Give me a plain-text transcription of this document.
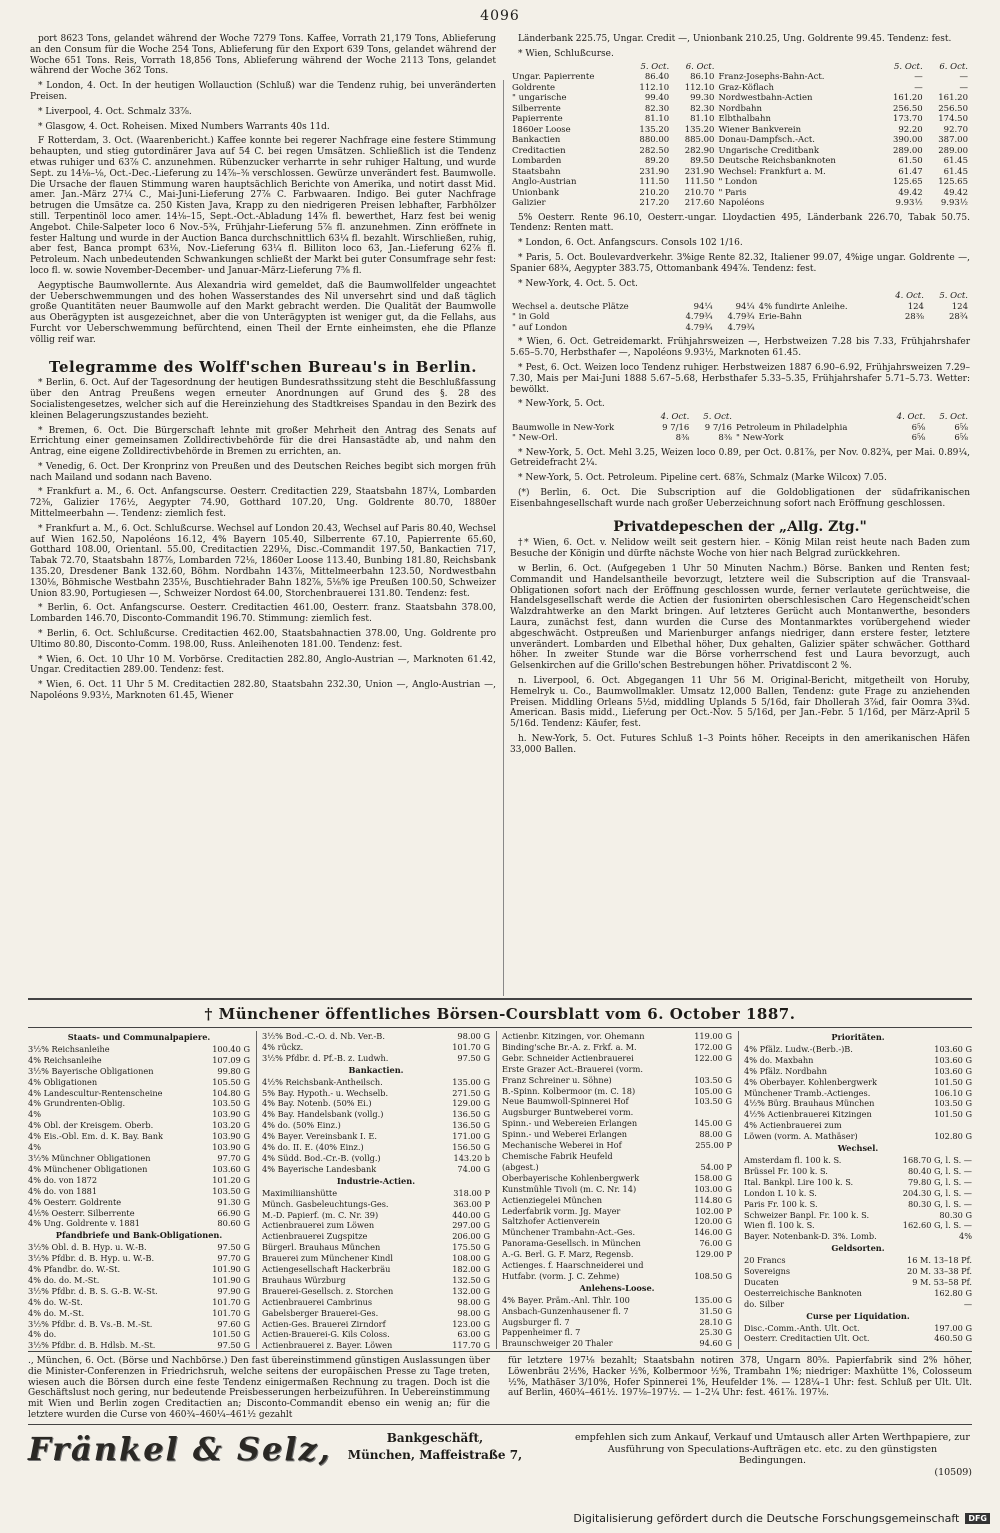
4096

port 8623 Tons, gelandet während der Woche 7279 Tons. Kaffee, Vorrath 21,179 Tons, Ablieferung an den Consum für die Woche 254 Tons, Ablieferung für den Export 639 Tons, gelandet während der Woche 651 Tons. Reis, Vorrath 18,856 Tons, Ablieferung während der Woche 2113 Tons, gelandet während der Woche 362 Tons.

* London, 4. Oct. In der heutigen Wollauction (Schluß) war die Tendenz ruhig, bei unveränderten Preisen.

* Liverpool, 4. Oct. Schmalz 33⅞.

* Glasgow, 4. Oct. Roheisen. Mixed Numbers Warrants 40s 11d.

F Rotterdam, 3. Oct. (Waarenbericht.) Kaffee konnte bei regerer Nachfrage eine festere Stimmung behaupten, und stieg gutordinärer Java auf 54 C. bei regen Umsätzen. Schließlich ist die Tendenz etwas ruhiger und 63⅞ C. anzunehmen. Rübenzucker verharrte in sehr ruhiger Haltung, und wurde Sept. zu 14⅛–⅛, Oct.-Dec.-Lieferung zu 14⅞–⅜ verschlossen. Gewürze unverändert fest. Baumwolle. Die Ursache der flauen Stimmung waren hauptsächlich Berichte von Amerika, und notirt dasst Mid. amer. Jan.-März 27¼ C., Mai-Juni-Lieferung 27⅞ C. Farbwaaren. Indigo. Bei guter Nachfrage betrugen die Umsätze ca. 250 Kisten Java, Krapp zu den niedrigeren Preisen lebhafter, Farbhölzer still. Terpentinöl loco amer. 14⅛–15, Sept.-Oct.-Abladung 14⅞ fl. bewerthet, Harz fest bei wenig Angebot. Chile-Salpeter loco 6 Nov.-5¾, Frühjahr-Lieferung 5⅞ fl. anzunehmen. Zinn eröffnete in fester Haltung und wurde in der Auction Banca durchschnittlich 63¼ fl. bezahlt. Wirschließen, ruhig, aber fest, Banca prompt 63⅛, Nov.-Lieferung 63¼ fl. Billiton loco 63, Jan.-Lieferung 62⅞ fl. Petroleum. Nach unbedeutenden Schwankungen schließt der Markt bei guter Consumfrage sehr fest: loco fl. w. sowie November-December- und Januar-März-Lieferung 7⅝ fl.

Aegyptische Baumwollernte. Aus Alexandria wird gemeldet, daß die Baumwollfelder ungeachtet der Ueberschwemmungen und des hohen Wasserstandes des Nil unversehrt sind und daß täglich große Quantitäten neuer Baumwolle auf den Markt gebracht werden. Die Qualität der Baumwolle aus Oberägypten ist ausgezeichnet, aber die von Unterägypten ist weniger gut, da die Fellahs, aus Furcht vor Ueberschwemmung befürchtend, einen Theil der Ernte einheimsten, ehe die Pflanze völlig reif war.

Telegramme des Wolff'schen Bureau's in Berlin.

* Berlin, 6. Oct. Auf der Tagesordnung der heutigen Bundesrathssitzung steht die Beschlußfassung über den Antrag Preußens wegen erneuter Anordnungen auf Grund des §. 28 des Socialistengesetzes, welcher sich auf die Hereinziehung des Stadtkreises Spandau in den Bezirk des kleinen Belagerungszustandes bezieht.

* Bremen, 6. Oct. Die Bürgerschaft lehnte mit großer Mehrheit den Antrag des Senats auf Errichtung einer gemeinsamen Zolldirectivbehörde für die drei Hansastädte ab, und nahm den Antrag, eine eigene Zolldirectivbehörde in Bremen zu errichten, an.

* Venedig, 6. Oct. Der Kronprinz von Preußen und des Deutschen Reiches begibt sich morgen früh nach Mailand und sodann nach Baveno.

* Frankfurt a. M., 6. Oct. Anfangscurse. Oesterr. Creditactien 229, Staatsbahn 187¼, Lombarden 72⅜, Galizier 176½, Aegypter 74.90, Gotthard 107.20, Ung. Goldrente 80.70, 1880er Mittelmeerbahn —. Tendenz: ziemlich fest.

* Frankfurt a. M., 6. Oct. Schlußcurse. Wechsel auf London 20.43, Wechsel auf Paris 80.40, Wechsel auf Wien 162.50, Napoléons 16.12, 4% Bayern 105.40, Silberrente 67.10, Papierrente 65.60, Gotthard 108.00, Orientanl. 55.00, Creditactien 229⅛, Disc.-Commandit 197.50, Bankactien 717, Tabak 72.70, Staatsbahn 187⅞, Lombarden 72⅛, 1860er Loose 113.40, Bunbing 181.80, Reichsbank 135.20, Dresdener Bank 132.60, Böhm. Nordbahn 143⅞, Mittelmeerbahn 123.50, Nordwestbahn 130⅛, Böhmische Westbahn 235⅛, Buschtiehrader Bahn 182⅞, 5⅛% ige Preußen 100.50, Schweizer Union 83.90, Portugiesen —, Schweizer Nordost 64.00, Storchenbrauerei 131.80. Tendenz: fest.

* Berlin, 6. Oct. Anfangscurse. Oesterr. Creditactien 461.00, Oesterr. franz. Staatsbahn 378.00, Lombarden 146.70, Disconto-Commandit 196.70. Stimmung: ziemlich fest.

* Berlin, 6. Oct. Schlußcurse. Creditactien 462.00, Staatsbahnactien 378.00, Ung. Goldrente pro Ultimo 80.80, Disconto-Comm. 198.00, Russ. Anleihenoten 181.00. Tendenz: fest.

* Wien, 6. Oct. 10 Uhr 10 M. Vorbörse. Creditactien 282.80, Anglo-Austrian —, Marknoten 61.42, Ungar. Creditactien 289.00. Tendenz: fest.

* Wien, 6. Oct. 11 Uhr 5 M. Creditactien 282.80, Staatsbahn 232.30, Union —, Anglo-Austrian —, Napoléons 9.93½, Marknoten 61.45, Wiener

Länderbank 225.75, Ungar. Credit —, Unionbank 210.25, Ung. Goldrente 99.45. Tendenz: fest.

* Wien, Schlußcurse.
	5. Oct.	6. Oct.		5. Oct.	6. Oct.
Ungar. Papierrente	86.40	86.10	Franz-Josephs-Bahn-Act.	—	—
Goldrente	112.10	112.10	Graz-Köflach	—	—
" ungarische	99.40	99.30	Nordwestbahn-Actien	161.20	161.20
Silberrente	82.30	82.30	Nordbahn	256.50	256.50
Papierrente	81.10	81.10	Elbthalbahn	173.70	174.50
1860er Loose	135.20	135.20	Wiener Bankverein	92.20	92.70
Bankactien	880.00	885.00	Donau-Dampfsch.-Act.	390.00	387.00
Creditactien	282.50	282.90	Ungarische Creditbank	289.00	289.00
Lombarden	89.20	89.50	Deutsche Reichsbanknoten	61.50	61.45
Staatsbahn	231.90	231.90	Wechsel: Frankfurt a. M.	61.47	61.45
Anglo-Austrian	111.50	111.50	" London	125.65	125.65
Unionbank	210.20	210.70	" Paris	49.42	49.42
Galizier	217.20	217.60	Napoléons	9.93½	9.93½

5% Oesterr. Rente 96.10, Oesterr.-ungar. Lloydactien 495, Länderbank 226.70, Tabak 50.75. Tendenz: Renten matt.

* London, 6. Oct. Anfangscurs. Consols 102 1/16.

* Paris, 5. Oct. Boulevardverkehr. 3%ige Rente 82.32, Italiener 99.07, 4%ige ungar. Goldrente —, Spanier 68¾, Aegypter 383.75, Ottomanbank 494⅞. Tendenz: fest.

* New-York, 4. Oct. 5. Oct.
				4. Oct.	5. Oct.
Wechsel a. deutsche Plätze	94¼	94¼	4% fundirte Anleihe.	124	124
" in Gold	4.79¾	4.79¾	Erie-Bahn	28⅜	28¾
" auf London	4.79¾	4.79¾			

* Wien, 6. Oct. Getreidemarkt. Frühjahrsweizen —, Herbstweizen 7.28 bis 7.33, Frühjahrshafer 5.65–5.70, Herbsthafer —, Napoléons 9.93½, Marknoten 61.45.

* Pest, 6. Oct. Weizen loco Tendenz ruhiger. Herbstweizen 1887 6.90–6.92, Frühjahrsweizen 7.29–7.30, Mais per Mai-Juni 1888 5.67–5.68, Herbsthafer 5.33–5.35, Frühjahrshafer 5.71–5.73. Wetter: bewölkt.

* New-York, 5. Oct.
	4. Oct.	5. Oct.		4. Oct.	5. Oct.
Baumwolle in New-York	9 7/16	9 7/16	Petroleum in Philadelphia	6⅝	6⅝
" New-Orl.	8⅜	8⅜	" New-York	6⅝	6⅝

* New-York, 5. Oct. Mehl 3.25, Weizen loco 0.89, per Oct. 0.81⅞, per Nov. 0.82¾, per Mai. 0.89¼, Getreidefracht 2¼.

* New-York, 5. Oct. Petroleum. Pipeline cert. 68⅞, Schmalz (Marke Wilcox) 7.05.

(*) Berlin, 6. Oct. Die Subscription auf die Goldobligationen der südafrikanischen Eisenbahngesellschaft wurde nach großer Ueberzeichnung sofort nach Eröffnung geschlossen.

Privatdepeschen der „Allg. Ztg."

†* Wien, 6. Oct. v. Nelidow weilt seit gestern hier. – König Milan reist heute nach Baden zum Besuche der Königin und dürfte nächste Woche von hier nach Belgrad zurückkehren.

w Berlin, 6. Oct. (Aufgegeben 1 Uhr 50 Minuten Nachm.) Börse. Banken und Renten fest; Commandit und Handelsantheile bevorzugt, letztere weil die Subscription auf die Transvaal-Obligationen sofort nach der Eröffnung geschlossen wurde, ferner verlautete gerüchtweise, die Handelsgesellschaft werde die Actien der fusionirten oberschlesischen Caro Hegenscheidt'schen Walzdrahtwerke an den Markt bringen. Auf letzteres Gerücht auch Montanwerthe, besonders Laura, zunächst fest, dann wurden die Curse des Montanmarktes vorübergehend wieder abgeschwächt. Ostpreußen und Marienburger anfangs niedriger, dann erstere fester, letztere unverändert. Lombarden und Elbethal höher, Dux gehalten, Galizier später schwächer. Gotthard höher. In zweiter Stunde war die Börse vorherrschend fest und Laura bevorzugt, auch Gelsenkirchen auf die Grillo'schen Bestrebungen höher. Privatdiscont 2 %.

n. Liverpool, 6. Oct. Abgegangen 11 Uhr 56 M. Original-Bericht, mitgetheilt von Horuby, Hemelryk u. Co., Baumwollmakler. Umsatz 12,000 Ballen, Tendenz: gute Frage zu anziehenden Preisen. Middling Orleans 5½d, middling Uplands 5 5/16d, fair Dhollerah 3⅞d, fair Oomra 3¾d. American. Basis midd., Lieferung per Oct.-Nov. 5 5/16d, per Jan.-Febr. 5 1/16d, per März-April 5 5/16d. Tendenz: Käufer, fest.

h. New-York, 5. Oct. Futures Schluß 1–3 Points höher. Receipts in den amerikanischen Häfen 33,000 Ballen.

† Münchener öffentliches Börsen-Coursblatt vom 6. October 1887.
Staats- und Communalpapiere.
3½% Reichsanleihe	100.40 G
4% Reichsanleihe	107.09 G
3½% Bayerische Obligationen	99.80 G
4% Obligationen	105.50 G
4% Landescultur-Rentenscheine	104.80 G
4% Grundrenten-Oblig.	103.50 G
4%	103.90 G
4% Obl. der Kreisgem. Oberb.	103.20 G
4% Eis.-Obl. Em. d. K. Bay. Bank	103.90 G
4%	103.90 G
3½% Münchner Obligationen	97.70 G
4% Münchener Obligationen	103.60 G
4% do. von 1872	101.20 G
4% do. von 1881	103.50 G
4% Oesterr. Goldrente	91.30 G
4⅕% Oesterr. Silberrente	66.90 G
4% Ung. Goldrente v. 1881	80.60 G
Pfandbriefe und Bank-Obligationen.
3½% Obl. d. B. Hyp. u. W.-B.	97.50 G
3½% Pfdbr. d. B. Hyp. u. W.-B.	97.70 G
4% Pfandbr. do. W.-St.	101.90 G
4% do. do. M.-St.	101.90 G
3½% Pfdbr. d. B. S. G.-B. W.-St.	97.90 G
4% do. W.-St.	101.70 G
4% do. M.-St.	101.70 G
3½% Pfdbr. d. B. Vs.-B. M.-St.	97.60 G
4% do.	101.50 G
3½% Pfdbr. d. B. Hdlsb. M.-St.	97.50 G
3½% Bod.-C.-O. d. Nb. Ver.-B.	98.00 G
4% rückz.	101.70 G
3½% Pfdbr. d. Pf.-B. z. Ludwh.	97.50 G
Bankactien.
4½% Reichsbank-Antheilsch.	135.00 G
5% Bay. Hypoth.- u. Wechselb.	271.50 G
4% Bay. Notenb. (50% Ei.)	129.00 G
4% Bay. Handelsbank (vollg.)	136.50 G
4% do. (50% Einz.)	136.50 G
4% Bayer. Vereinsbank I. E.	171.00 G
4% do. II. E. (40% Einz.)	156.50 G
4% Südd. Bod.-Cr.-B. (vollg.)	143.20 b
4% Bayerische Landesbank	74.00 G
Industrie-Actien.
Maximiliianshütte	318.00 P
Münch. Gasbeleuchtungs-Ges.	363.00 P
M.-D. Papierf. (m. C. Nr. 39)	440.00 G
Actienbrauerei zum Löwen	297.00 G
Actienbrauerei Zugspitze	206.00 G
Bürgerl. Brauhaus München	175.50 G
Brauerei zum Münchener Kindl	108.00 G
Actiengesellschaft Hackerbräu	182.00 G
Brauhaus Würzburg	132.50 G
Brauerei-Gesellsch. z. Storchen	132.00 G
Actienbrauerei Cambrinus	98.00 G
Gabelsberger Brauerei-Ges.	98.00 G
Actien-Ges. Brauerei Zirndorf	123.00 G
Actien-Brauerei-G. Kils Coloss.	63.00 G
Actienbrauerei z. Bayer. Löwen	117.70 G
Actienbr. Kitzingen, vor. Ohemann	119.00 G
Binding'sche Br.-A. z. Frkf. a. M.	172.00 G
Gebr. Schneider Actienbrauerei	122.00 G
Erste Grazer Act.-Brauerei (vorm.
Franz Schreiner u. Söhne)	103.50 G
B.-Spinn. Kolbermoor (m. C. 18)	105.00 G
Neue Baumwoll-Spinnerei Hof	103.50 G
Augsburger Buntweberei vorm.
Spinn.- und Webereien Erlangen	145.00 G
Spinn.- und Weberei Erlangen	88.00 G
Mechanische Weberei in Hof	255.00 P
Chemische Fabrik Heufeld
(abgest.)	54.00 P
Oberbayerische Kohlenbergwerk	158.00 G
Kunstmühle Tivoli (m. C. Nr. 14)	103.00 G
Actienziegelei München	114.80 G
Lederfabrik vorm. Jg. Mayer	102.00 P
Saltzhofer Actienverein	120.00 G
Münchener Trambahn-Act.-Ges.	146.00 G
Panorama-Gesellsch. in München	76.00 G
A.-G. Berl. G. F. Marz, Regensb.	129.00 P
Actienges. f. Haarschneiderei und
Hutfabr. (vorm. J. C. Zehme)	108.50 G
Anlehens-Loose.
4% Bayer. Präm.-Anl. Thlr. 100	135.00 G
Ansbach-Gunzenhausener fl. 7	31.50 G
Augsburger fl. 7	28.10 G
Pappenheimer fl. 7	25.30 G
Braunschweiger 20 Thaler	94.60 G
Prioritäten.
4% Pfälz. Ludw.-(Berb.-)B.	103.60 G
4% do. Maxbahn	103.60 G
4% Pfälz. Nordbahn	103.60 G
4% Oberbayer. Kohlenbergwerk	101.50 G
Münchener Tramb.-Actienges.	106.10 G
4½% Bürg. Brauhaus München	103.50 G
4½% Actienbrauerei Kitzingen	101.50 G
4% Actienbrauerei zum
Löwen (vorm. A. Mathäser)	102.80 G
Wechsel.
Amsterdam fl. 100 k. S.	168.70 G, l. S. —
Brüssel Fr. 100 k. S.	80.40 G, l. S. —
Ital. Bankpl. Lire 100 k. S.	79.80 G, l. S. —
London L 10 k. S.	204.30 G, l. S. —
Paris Fr. 100 k. S.	80.30 G, l. S. —
Schweizer Banpl. Fr. 100 k. S.	80.30 G
Wien fl. 100 k. S.	162.60 G, l. S. —
Bayer. Notenbank-D. 3%. Lomb.	4%
Geldsorten.
20 Francs	16 M. 13–18 Pf.
Sovereigns	20 M. 33–38 Pf.
Ducaten	9 M. 53–58 Pf.
Oesterreichische Banknoten	162.80 G
do. Silber	—
Curse per Liquidation.
Disc.-Comm.-Anth. Ult. Oct.	197.00 G
Oesterr. Creditactien Ult. Oct.	460.50 G
., München, 6. Oct. (Börse und Nachbörse.) Den fast übereinstimmend günstigen Auslassungen über die Minister-Conferenzen in Friedrichsruh, welche seitens der europäischen Presse zu Tage treten, wiesen auch die Börsen durch eine feste Tendenz einigermaßen Rechnung zu tragen. Doch ist die Geschäftslust noch gering, nur bedeutende Preisbesserungen herbeizuführen. In Uebereinstimmung mit Wien und Berlin zogen Creditactien an; Disconto-Commandit ebenso ein wenig an; für die letztere wurden die Curse von 460¾–460¼–461½ gezahlt
für letztere 197⅛ bezahlt; Staatsbahn notiren 378, Ungarn 80⅝. Papierfabrik sind 2% höher, Löwenbräu 2½%, Hacker ½%, Kolbermoor ½%, Trambahn 1%; niedriger: Maxhütte 1%, Colosseum ½%, Mathäser 3/10%, Hofer Spinnerei 1%, Heufelder 1%. — 128¼–1 Uhr: fest. Schluß per Ult. Ult. auf Berlin, 460¾–461½. 197⅛–197½. — 1–2¼ Uhr: fest. 461⅞. 197⅛.
Fränkel & Selz,	Bankgeschäft,
München, Maffeistraße 7,
empfehlen sich zum Ankauf, Verkauf und Umtausch aller Arten Werthpapiere, zur Ausführung von Speculations-Aufträgen etc. etc. zu den günstigsten Bedingungen.
(10509)
Digitalisierung gefördert durch die Deutsche Forschungsgemeinschaft	DFG
